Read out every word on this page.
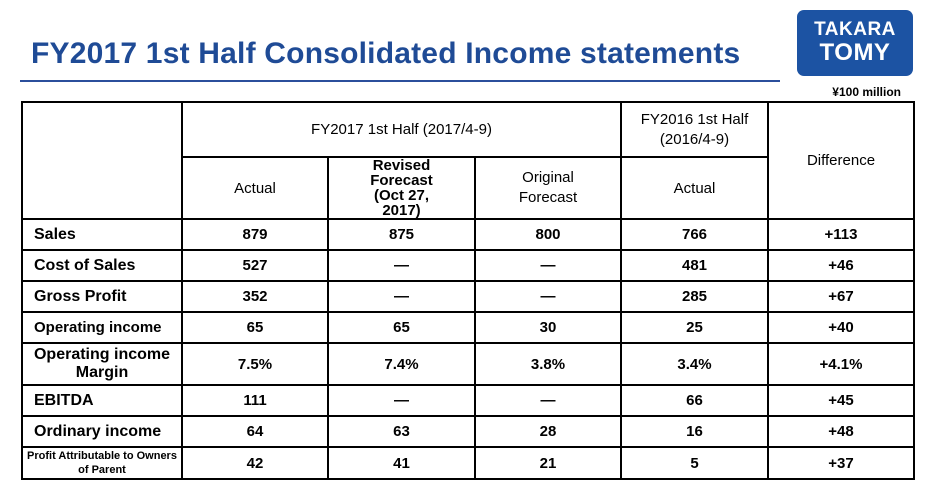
FY2017 1st Half Consolidated Income statements
TAKARA
TOMY
¥100 million
	FY2017 1st Half (2017/4-9)			FY2016 1st Half (2016/4-9)	Difference
	Actual	Revised Forecast (Oct 27, 2017)	Original Forecast	Actual	
Sales	879	875	800	766	+113
Cost of Sales	527	—	—	481	+46
Gross Profit	352	—	—	285	+67
Operating income	65	65	30	25	+40
Operating income Margin	7.5%	7.4%	3.8%	3.4%	+4.1%
EBITDA	111	—	—	66	+45
Ordinary income	64	63	28	16	+48
Profit Attributable to Owners of Parent	42	41	21	5	+37
